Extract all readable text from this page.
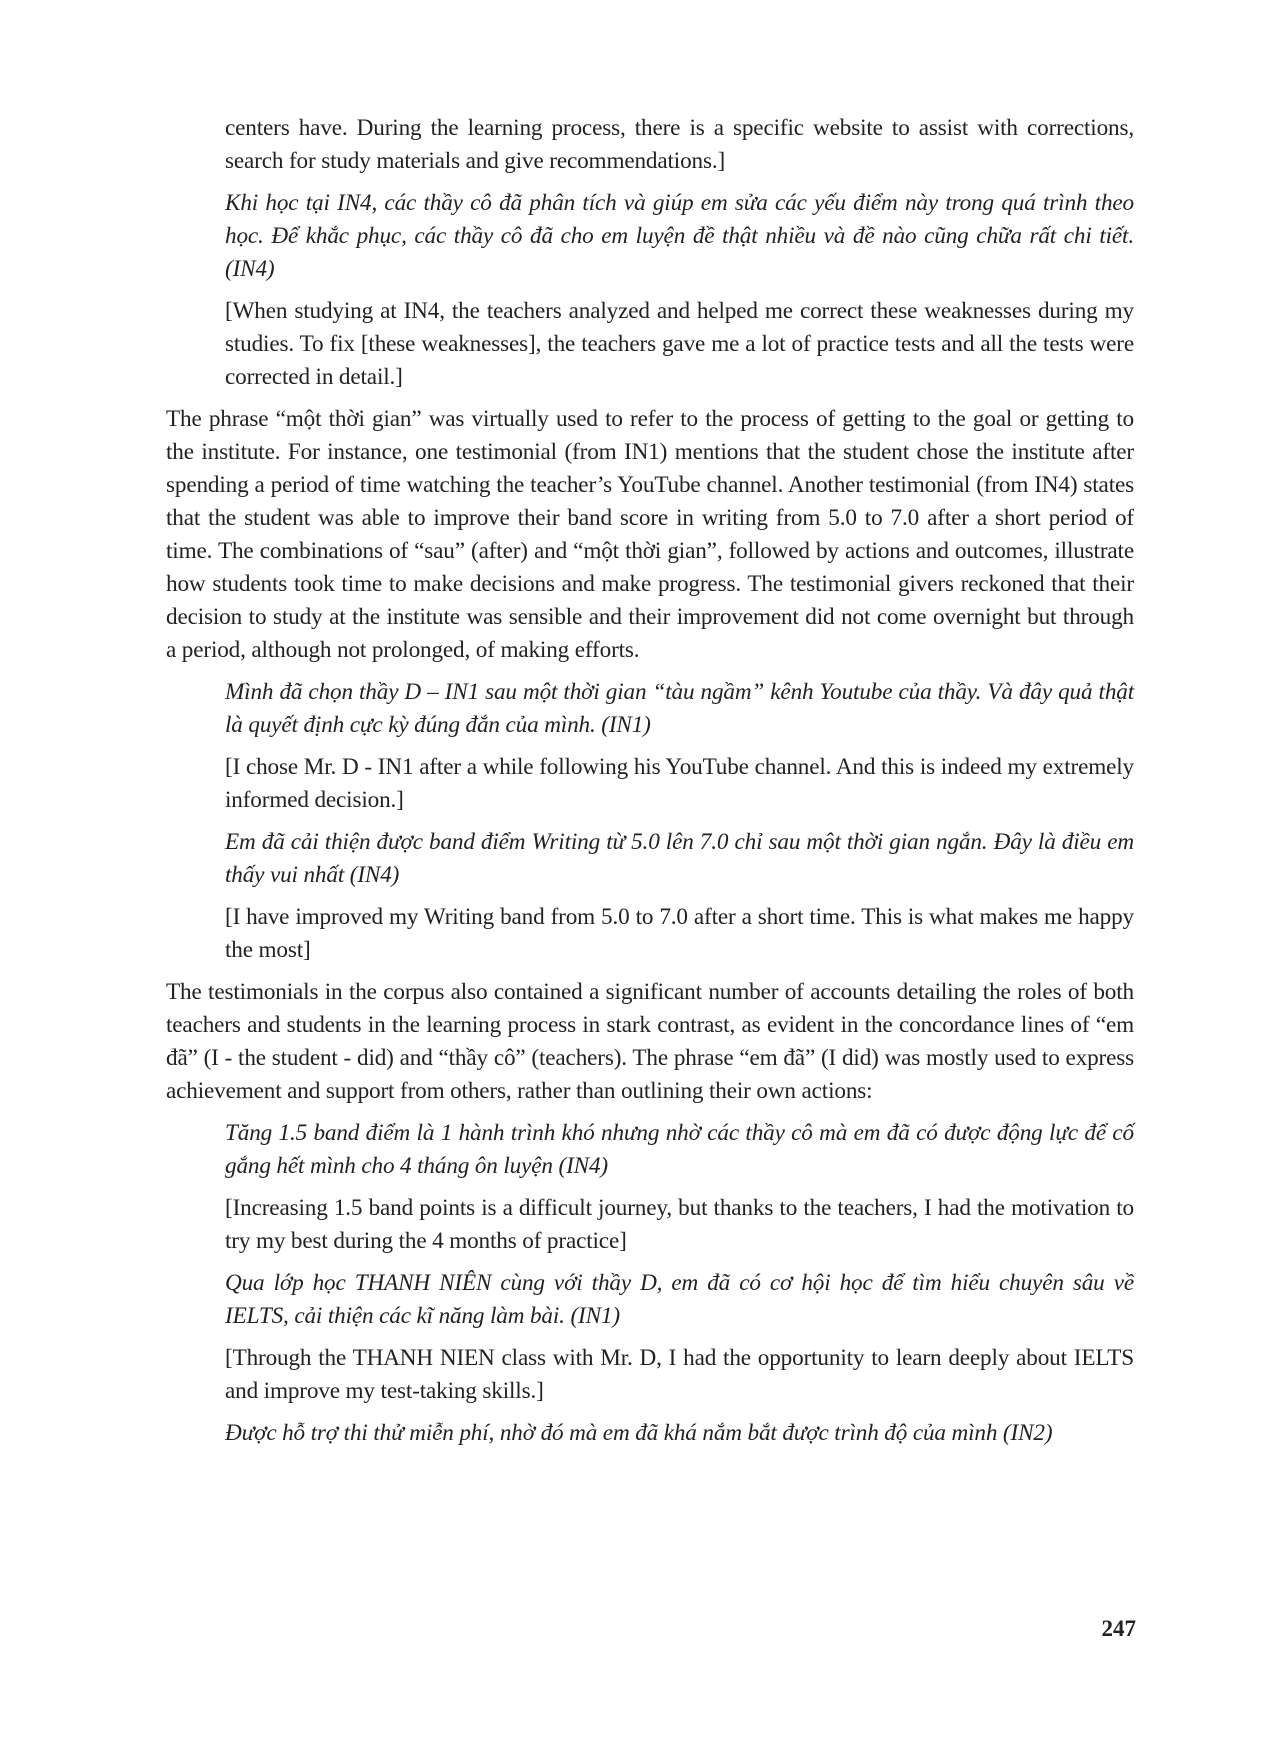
centers have. During the learning process, there is a specific website to assist with corrections, search for study materials and give recommendations.]

Khi học tại IN4, các thầy cô đã phân tích và giúp em sửa các yếu điểm này trong quá trình theo học. Để khắc phục, các thầy cô đã cho em luyện đề thật nhiều và đề nào cũng chữa rất chi tiết. (IN4)

[When studying at IN4, the teachers analyzed and helped me correct these weaknesses during my studies. To fix [these weaknesses], the teachers gave me a lot of practice tests and all the tests were corrected in detail.]

The phrase “một thời gian” was virtually used to refer to the process of getting to the goal or getting to the institute. For instance, one testimonial (from IN1) mentions that the student chose the institute after spending a period of time watching the teacher’s YouTube channel. Another testimonial (from IN4) states that the student was able to improve their band score in writing from 5.0 to 7.0 after a short period of time. The combinations of “sau” (after) and “một thời gian”, followed by actions and outcomes, illustrate how students took time to make decisions and make progress. The testimonial givers reckoned that their decision to study at the institute was sensible and their improvement did not come overnight but through a period, although not prolonged, of making efforts.

Mình đã chọn thầy D – IN1 sau một thời gian “tàu ngầm” kênh Youtube của thầy. Và đây quả thật là quyết định cực kỳ đúng đắn của mình. (IN1)

[I chose Mr. D - IN1 after a while following his YouTube channel. And this is indeed my extremely informed decision.]

Em đã cải thiện được band điểm Writing từ 5.0 lên 7.0 chỉ sau một thời gian ngắn. Đây là điều em thấy vui nhất (IN4)

[I have improved my Writing band from 5.0 to 7.0 after a short time. This is what makes me happy the most]

The testimonials in the corpus also contained a significant number of accounts detailing the roles of both teachers and students in the learning process in stark contrast, as evident in the concordance lines of “em đã” (I - the student - did) and “thầy cô” (teachers). The phrase “em đã” (I did) was mostly used to express achievement and support from others, rather than outlining their own actions:

Tăng 1.5 band điểm là 1 hành trình khó nhưng nhờ các thầy cô mà em đã có được động lực để cố gắng hết mình cho 4 tháng ôn luyện (IN4)

[Increasing 1.5 band points is a difficult journey, but thanks to the teachers, I had the motivation to try my best during the 4 months of practice]

Qua lớp học THANH NIÊN cùng với thầy D, em đã có cơ hội học để tìm hiểu chuyên sâu về IELTS, cải thiện các kĩ năng làm bài. (IN1)

[Through the THANH NIEN class with Mr. D, I had the opportunity to learn deeply about IELTS and improve my test-taking skills.]

Được hỗ trợ thi thử miễn phí, nhờ đó mà em đã khá nắm bắt được trình độ của mình (IN2)

247
